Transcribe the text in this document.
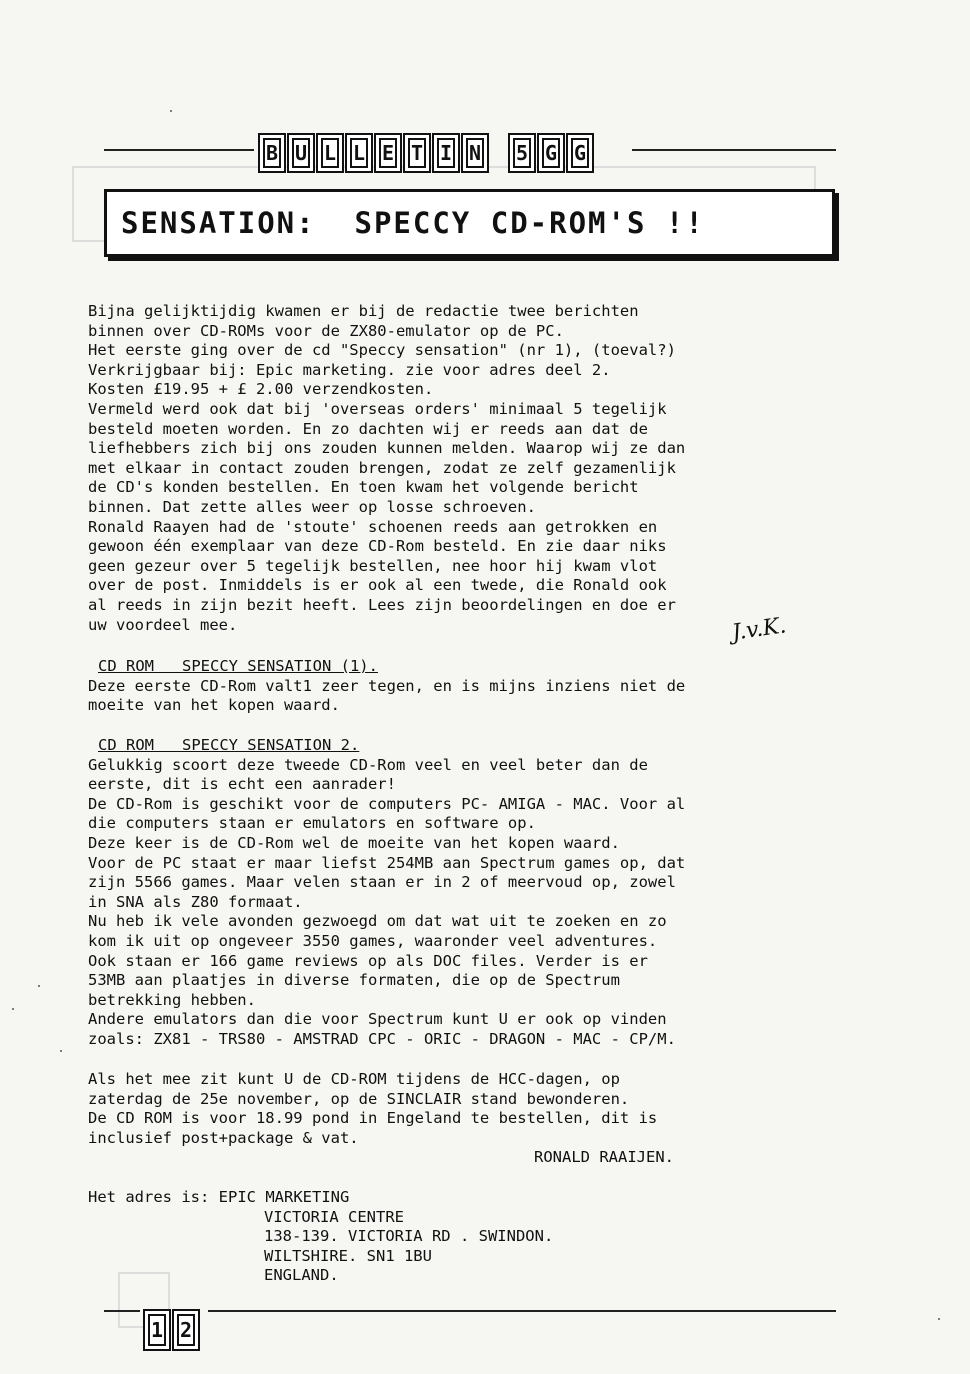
B U L L E T I N	5 G G
SENSATION:  SPECCY CD-ROM'S !!
Bijna gelijktijdig kwamen er bij de redactie twee berichten
binnen over CD-ROMs voor de ZX80-emulator op de PC.
Het eerste ging over de cd "Speccy sensation" (nr 1), (toeval?)
Verkrijgbaar bij: Epic marketing. zie voor adres deel 2.
Kosten £19.95 + £ 2.00 verzendkosten.
Vermeld werd ook dat bij 'overseas orders' minimaal 5 tegelijk
besteld moeten worden. En zo dachten wij er reeds aan dat de
liefhebbers zich bij ons zouden kunnen melden. Waarop wij ze dan
met elkaar in contact zouden brengen, zodat ze zelf gezamenlijk
de CD's konden bestellen. En toen kwam het volgende bericht
binnen. Dat zette alles weer op losse schroeven.
Ronald Raayen had de 'stoute' schoenen reeds aan getrokken en
gewoon één exemplaar van deze CD-Rom besteld. En zie daar niks
geen gezeur over 5 tegelijk bestellen, nee hoor hij kwam vlot
over de post. Inmiddels is er ook al een twede, die Ronald ook
al reeds in zijn bezit heeft. Lees zijn beoordelingen en doe er
uw voordeel mee.	J.v.K.
CD ROM   SPECCY SENSATION (1).
Deze eerste CD-Rom valt1 zeer tegen, en is mijns inziens niet de
moeite van het kopen waard.
CD ROM   SPECCY SENSATION 2.
Gelukkig scoort deze tweede CD-Rom veel en veel beter dan de
eerste, dit is echt een aanrader!
De CD-Rom is geschikt voor de computers PC- AMIGA - MAC. Voor al
die computers staan er emulators en software op.
Deze keer is de CD-Rom wel de moeite van het kopen waard.
Voor de PC staat er maar liefst 254MB aan Spectrum games op, dat
zijn 5566 games. Maar velen staan er in 2 of meervoud op, zowel
in SNA als Z80 formaat.
Nu heb ik vele avonden gezwoegd om dat wat uit te zoeken en zo
kom ik uit op ongeveer 3550 games, waaronder veel adventures.
Ook staan er 166 game reviews op als DOC files. Verder is er
53MB aan plaatjes in diverse formaten, die op de Spectrum
betrekking hebben.
Andere emulators dan die voor Spectrum kunt U er ook op vinden
zoals: ZX81 - TRS80 - AMSTRAD CPC - ORIC - DRAGON - MAC - CP/M.
Als het mee zit kunt U de CD-ROM tijdens de HCC-dagen, op
zaterdag de 25e november, op de SINCLAIR stand bewonderen.
De CD ROM is voor 18.99 pond in Engeland te bestellen, dit is
inclusief post+package & vat.
RONALD RAAIJEN.
Het adres is: EPIC MARKETING
VICTORIA CENTRE
138-139. VICTORIA RD . SWINDON.
WILTSHIRE. SN1 1BU
ENGLAND.
1 2
